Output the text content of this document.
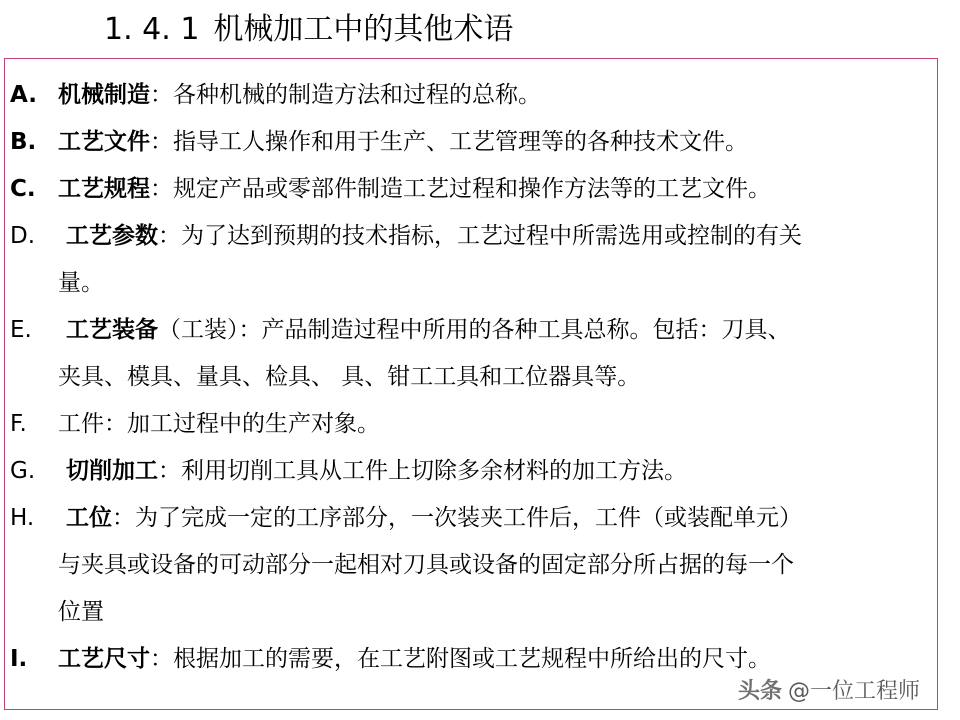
1. 4. 1 机械加工中的其他术语
A. 机械制造：各种机械的制造方法和过程的总称。
B. 工艺文件：指导工人操作和用于生产、工艺管理等的各种技术文件。
C. 工艺规程：规定产品或零部件制造工艺过程和操作方法等的工艺文件。
D. 工艺参数：为了达到预期的技术指标，工艺过程中所需选用或控制的有关
量。
E. 工艺装备（工装）：产品制造过程中所用的各种工具总称。包括：刀具、
夹具、模具、量具、检具、 具、钳工工具和工位器具等。
F. 工件：加工过程中的生产对象。
G. 切削加工：利用切削工具从工件上切除多余材料的加工方法。
H. 工位：为了完成一定的工序部分，一次装夹工件后，工件（或装配单元）
与夹具或设备的可动部分一起相对刀具或设备的固定部分所占据的每一个
位置
I. 工艺尺寸：根据加工的需要，在工艺附图或工艺规程中所给出的尺寸。
头条 @一位工程师
